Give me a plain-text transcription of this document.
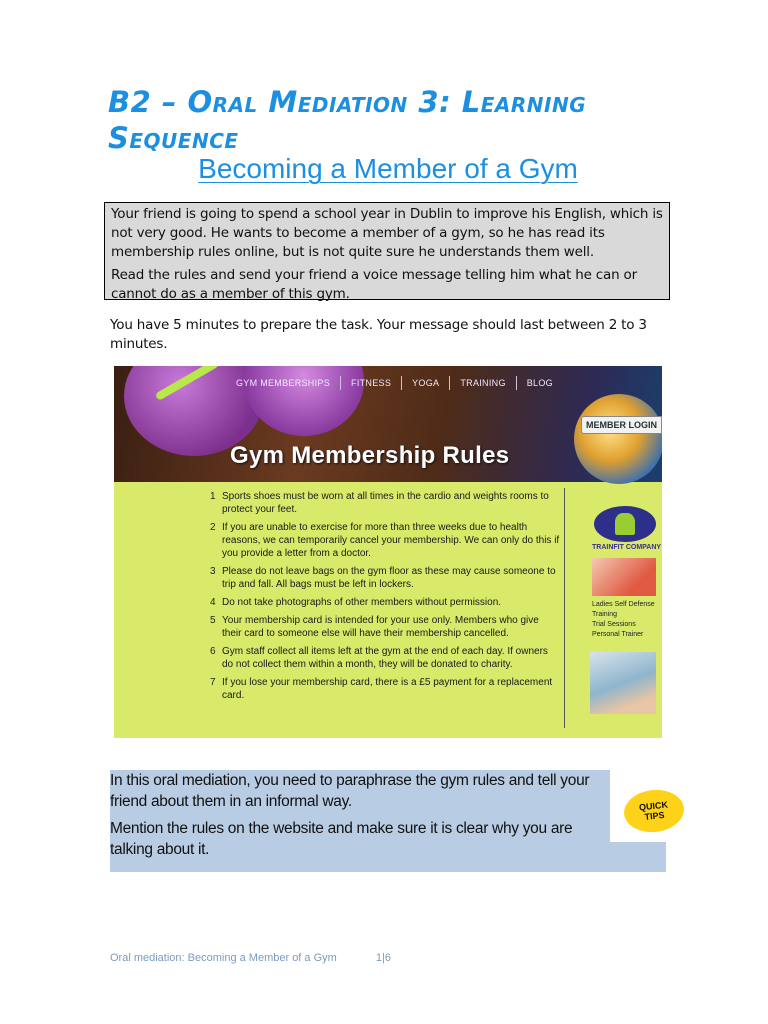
B2 – Oral Mediation 3: Learning Sequence
Becoming a Member of a Gym

Your friend is going to spend a school year in Dublin to improve his English, which is not very good. He wants to become a member of a gym, so he has read its membership rules online, but is not quite sure he understands them well.

Read the rules and send your friend a voice message telling him what he can or cannot do as a member of this gym.

You have 5 minutes to prepare the task. Your message should last between 2 to 3 minutes.
GYM MEMBERSHIPS	FITNESS	YOGA	TRAINING	BLOG
MEMBER LOGIN
Gym Membership Rules
1 Sports shoes must be worn at all times in the cardio and weights rooms to protect your feet.
2 If you are unable to exercise for more than three weeks due to health reasons, we can temporarily cancel your membership. We can only do this if you provide a letter from a doctor.
3 Please do not leave bags on the gym floor as these may cause someone to trip and fall. All bags must be left in lockers.
4 Do not take photographs of other members without permission.
5 Your membership card is intended for your use only. Members who give their card to someone else will have their membership cancelled.
6 Gym staff collect all items left at the gym at the end of each day. If owners do not collect them within a month, they will be donated to charity.
7 If you lose your membership card, there is a £5 payment for a replacement card.
TRAINFIT COMPANY
Ladies Self Defense Training
Trial Sessions
Personal Trainer

In this oral mediation, you need to paraphrase the gym rules and tell your friend about them in an informal way.

Mention the rules on the website and make sure it is clear why you are talking about it.

QUICK
TIPS
Oral mediation: Becoming a Member of a Gym	1|6
